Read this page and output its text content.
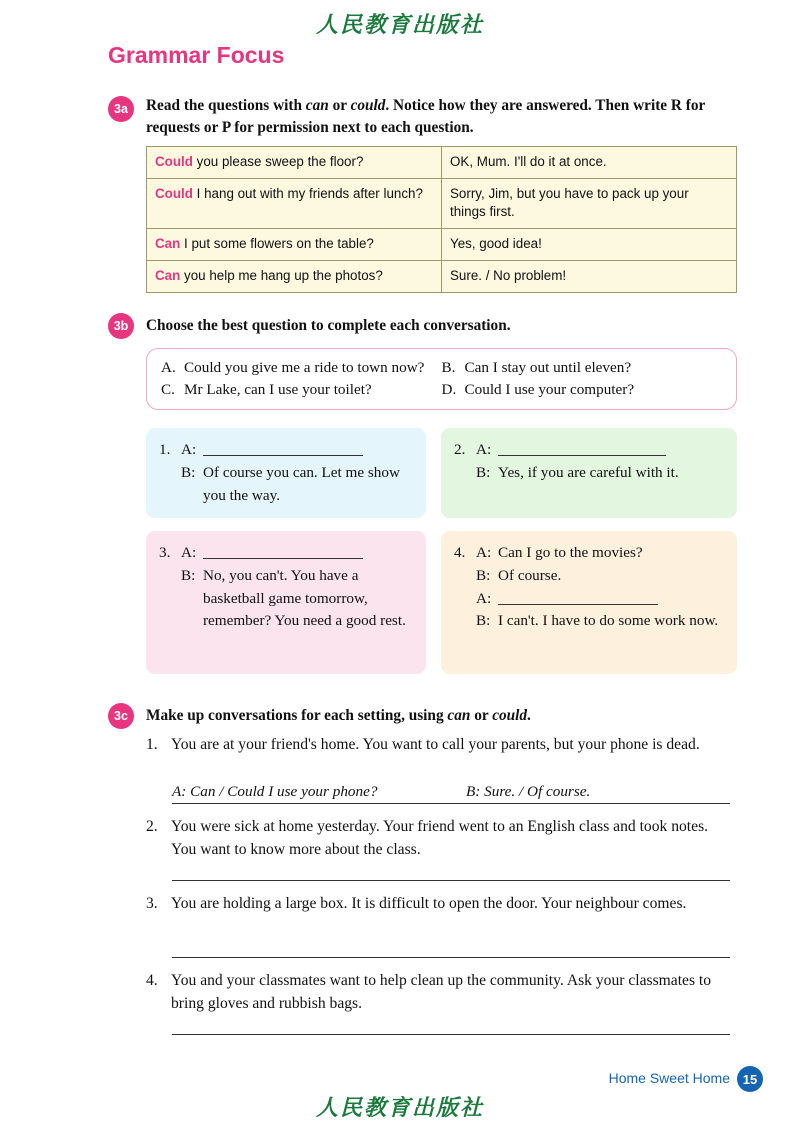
人民教育出版社
Grammar Focus
3a	Read the questions with can or could. Notice how they are answered. Then write R for requests or P for permission next to each question.
Could you please sweep the floor?	OK, Mum. I'll do it at once.
Could I hang out with my friends after lunch?	Sorry, Jim, but you have to pack up your things first.
Can I put some flowers on the table?	Yes, good idea!
Can you help me hang up the photos?	Sure. / No problem!
3b	Choose the best question to complete each conversation.
A. Could you give me a ride to town now? B. Can I stay out until eleven?
C. Mr Lake, can I use your toilet?	D. Could I use your computer?
1. A:
B: Of course you can. Let me show you the way.
2. A:
B: Yes, if you are careful with it.
3. A:
B: No, you can't. You have a basketball game tomorrow, remember? You need a good rest.
4. A: Can I go to the movies?
B: Of course.
A:
B: I can't. I have to do some work now.
3c	Make up conversations for each setting, using can or could.
1. You are at your friend's home. You want to call your parents, but your phone is dead.
A: Can / Could I use your phone?	B: Sure. / Of course.
2. You were sick at home yesterday. Your friend went to an English class and took notes. You want to know more about the class.
3. You are holding a large box. It is difficult to open the door. Your neighbour comes.
4. You and your classmates want to help clean up the community. Ask your classmates to bring gloves and rubbish bags.
Home Sweet Home 15
人民教育出版社
